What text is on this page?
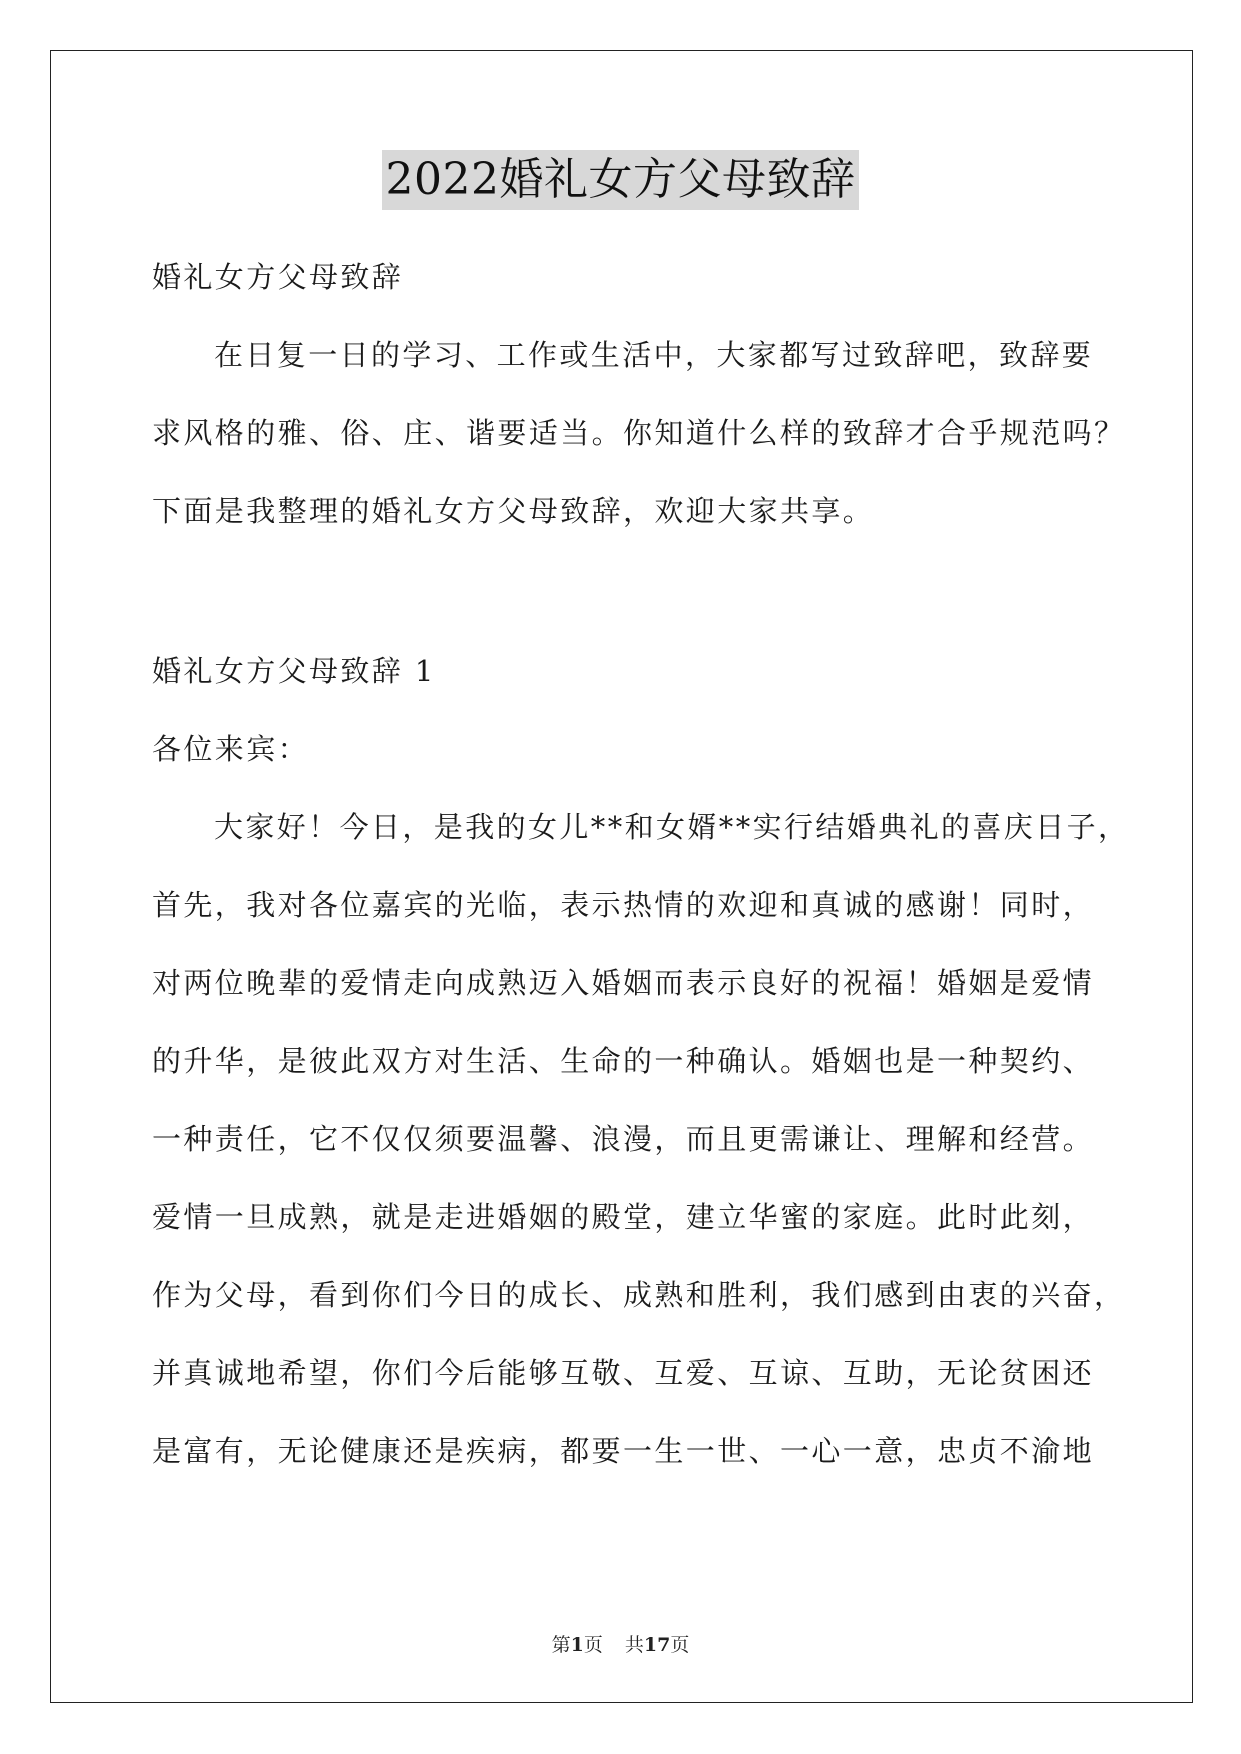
2022婚礼女方父母致辞
婚礼女方父母致辞
在日复一日的学习、工作或生活中，大家都写过致辞吧，致辞要
求风格的雅、俗、庄、谐要适当。你知道什么样的致辞才合乎规范吗？
下面是我整理的婚礼女方父母致辞，欢迎大家共享。
婚礼女方父母致辞 1
各位来宾：
大家好！今日，是我的女儿**和女婿**实行结婚典礼的喜庆日子，
首先，我对各位嘉宾的光临，表示热情的欢迎和真诚的感谢！同时，
对两位晚辈的爱情走向成熟迈入婚姻而表示良好的祝福！婚姻是爱情
的升华，是彼此双方对生活、生命的一种确认。婚姻也是一种契约、
一种责任，它不仅仅须要温馨、浪漫，而且更需谦让、理解和经营。
爱情一旦成熟，就是走进婚姻的殿堂，建立华蜜的家庭。此时此刻，
作为父母，看到你们今日的成长、成熟和胜利，我们感到由衷的兴奋，
并真诚地希望，你们今后能够互敬、互爱、互谅、互助，无论贫困还
是富有，无论健康还是疾病，都要一生一世、一心一意，忠贞不渝地
第1页 共17页
